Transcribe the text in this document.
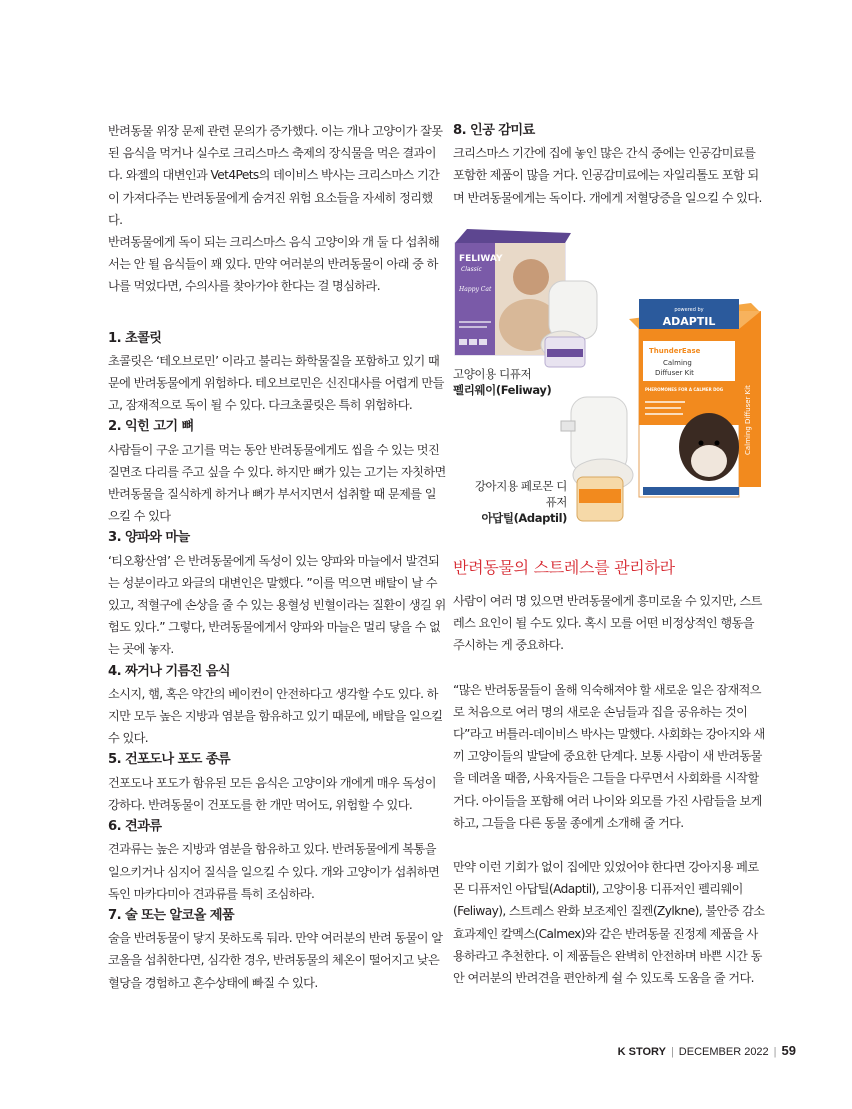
반려동물 위장 문제 관련 문의가 증가했다. 이는 개나 고양이가 잘못된 음식을 먹거나 실수로 크리스마스 축제의 장식물을 먹은 결과이다. 와젤의 대변인과 Vet4Pets의 데이비스 박사는 크리스마스 기간이 가져다주는 반려동물에게 숨겨진 위험 요소들을 자세히 정리했다.

반려동물에게 독이 되는 크리스마스 음식 고양이와 개 둘 다 섭취해서는 안 될 음식들이 꽤 있다. 만약 여러분의 반려동물이 아래 중 하나를 먹었다면, 수의사를 찾아가야 한다는 걸 명심하라.

1. 초콜릿

초콜릿은 ‘테오브로민’ 이라고 불리는 화학물질을 포함하고 있기 때문에 반려동물에게 위험하다. 테오브로민은 신진대사를 어렵게 만들고, 잠재적으로 독이 될 수 있다. 다크초콜릿은 특히 위험하다.

2. 익힌 고기 뼈

사람들이 구운 고기를 먹는 동안 반려동물에게도 씹을 수 있는 멋진 질면조 다리를 주고 싶을 수 있다. 하지만 뼈가 있는 고기는 자칫하면 반려동물을 질식하게 하거나 뼈가 부서지면서 섭취할 때 문제를 일으킬 수 있다

3. 양파와 마늘

‘티오황산염’ 은 반려동물에게 독성이 있는 양파와 마늘에서 발견되는 성분이라고 와글의 대변인은 말했다. ”이를 먹으면 배탈이 날 수 있고, 적혈구에 손상을 줄 수 있는 용혈성 빈혈이라는 질환이 생길 위험도 있다.” 그렇다, 반려동물에게서 양파와 마늘은 멀리 닿을 수 없는 곳에 놓자.

4. 짜거나 기름진 음식

소시지, 햄, 혹은 약간의 베이컨이 안전하다고 생각할 수도 있다. 하지만 모두 높은 지방과 염분을 함유하고 있기 때문에, 배탈을 일으킬 수 있다.

5. 건포도나 포도 종류

건포도나 포도가 함유된 모든 음식은 고양이와 개에게 매우 독성이 강하다. 반려동물이 건포도를 한 개만 먹어도, 위험할 수 있다.

6. 견과류

견과류는 높은 지방과 염분을 함유하고 있다. 반려동물에게 복통을 일으키거나 심지어 질식을 일으킬 수 있다. 개와 고양이가 섭취하면 독인 마카다미아 견과류를 특히 조심하라.

7. 술 또는 알코올 제품

술을 반려동물이 닿지 못하도록 둬라. 만약 여러분의 반려 동물이 알코올을 섭취한다면, 심각한 경우, 반려동물의 체온이 떨어지고 낮은 혈당을 경험하고 혼수상태에 빠질 수 있다.

8. 인공 감미료

크리스마스 기간에 집에 놓인 많은 간식 중에는 인공감미료를 포함한 제품이 많을 거다. 인공감미료에는 자일리톨도 포함 되며 반려동물에게는 독이다. 개에게 저혈당증을 일으킬 수 있다.

FELIWAY
Classic
Happy Cat
powered by
ADAPTIL
ThunderEase
Calming
Diffuser Kit
PHEROMONES FOR A CALMER DOG	Calming Diffuser Kit
고양이용 디퓨저
펠리웨이(Feliway)
강아지용 페로몬 디퓨저
아답틸(Adaptil)
반려동물의 스트레스를 관리하라

사람이 여러 명 있으면 반려동물에게 흥미로울 수 있지만, 스트레스 요인이 될 수도 있다. 혹시 모를 어떤 비정상적인 행동을 주시하는 게 중요하다.

“많은 반려동물들이 올해 익숙해져야 할 새로운 일은 잠재적으로 처음으로 여러 명의 새로운 손님들과 집을 공유하는 것이다”라고 버틀러-데이비스 박사는 말했다. 사회화는 강아지와 새끼 고양이들의 발달에 중요한 단계다. 보통 사람이 새 반려동물을 데려올 때쯤, 사육자들은 그들을 다루면서 사회화를 시작할 거다. 아이들을 포함해 여러 나이와 외모를 가진 사람들을 보게 하고, 그들을 다른 동물 종에게 소개해 줄 거다.

만약 이런 기회가 없이 집에만 있었어야 한다면 강아지용 페로몬 디퓨저인 아답틸(Adaptil), 고양이용 디퓨저인 펠리웨이(Feliway), 스트레스 완화 보조제인 질켄(Zylkne), 불안증 감소 효과제인 칼멕스(Calmex)와 같은 반려동물 진정제 제품을 사용하라고 추천한다. 이 제품들은 완벽히 안전하며 바쁜 시간 동안 여러분의 반려견을 편안하게 쉴 수 있도록 도움을 줄 거다.

K STORY | DECEMBER 2022 | 59
